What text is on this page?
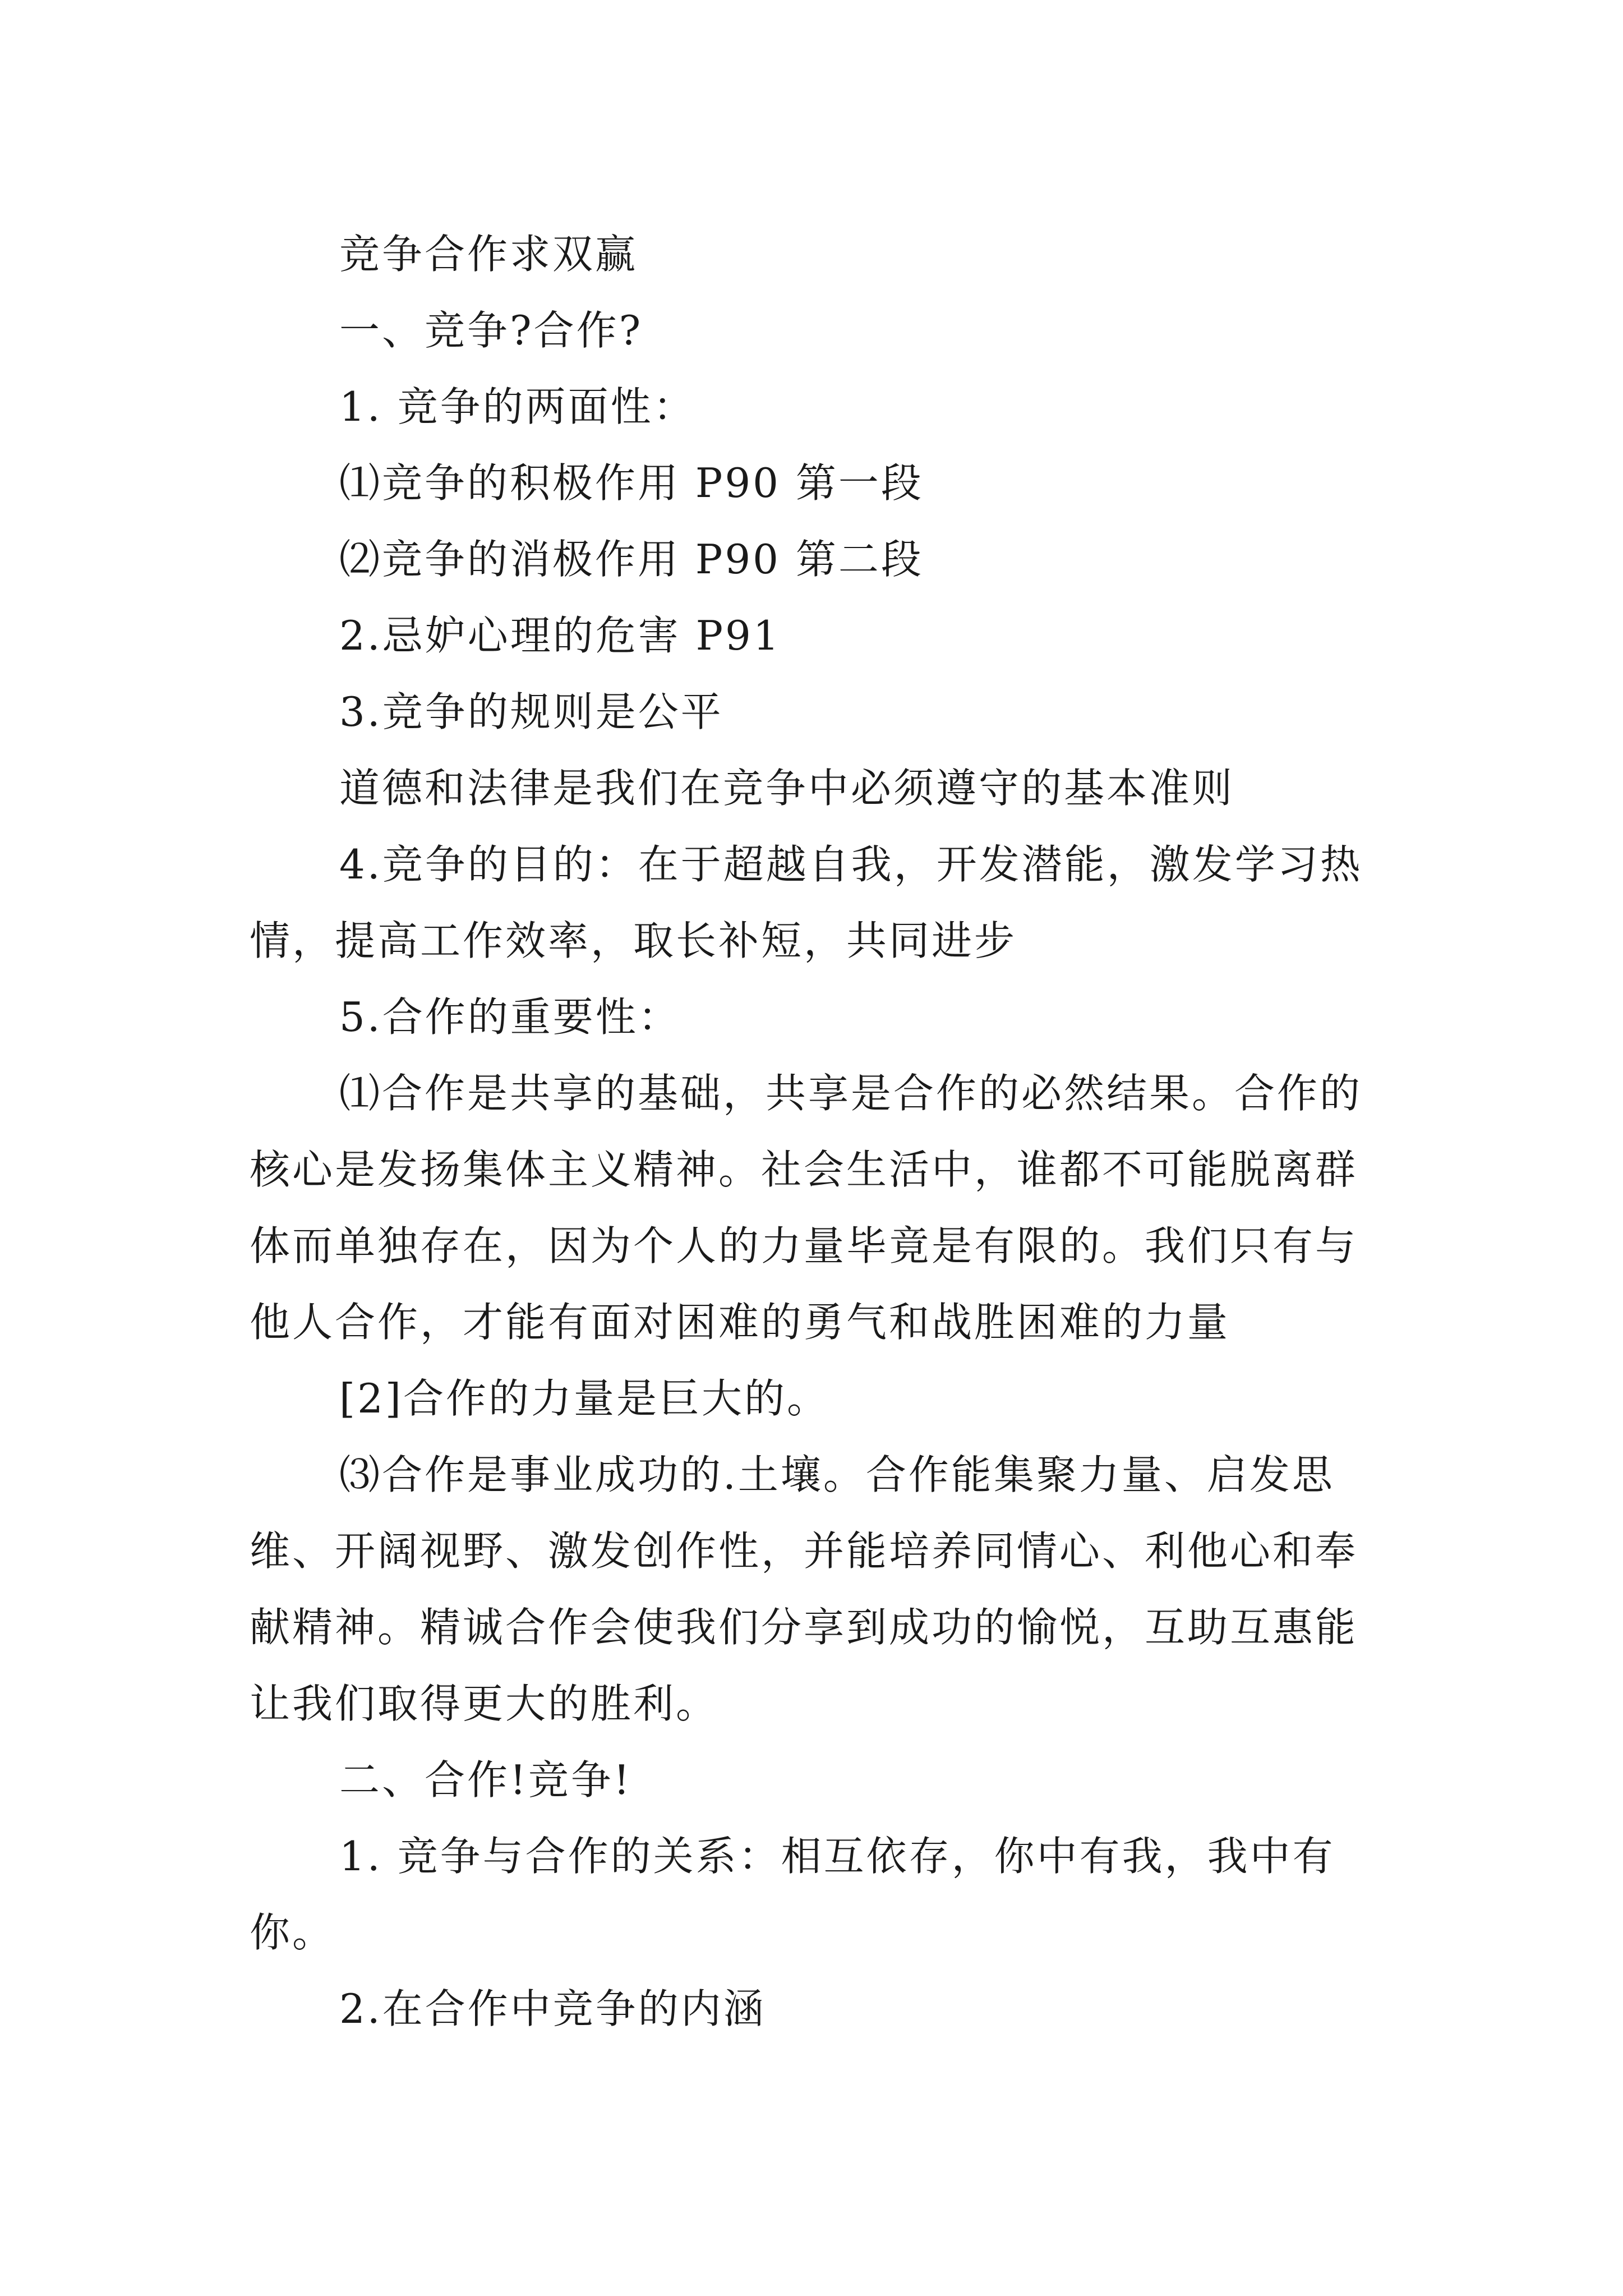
竞争合作求双赢

一、竞争?合作?

1. 竞争的两面性：

⑴竞争的积极作用 P90 第一段

⑵竞争的消极作用 P90 第二段

2.忌妒心理的危害 P91

3.竞争的规则是公平

道德和法律是我们在竞争中必须遵守的基本准则

4.竞争的目的：在于超越自我，开发潜能，激发学习热情，提高工作效率，取长补短，共同进步

5.合作的重要性：

⑴合作是共享的基础，共享是合作的必然结果。合作的核心是发扬集体主义精神。社会生活中，谁都不可能脱离群体而单独存在，因为个人的力量毕竟是有限的。我们只有与他人合作，才能有面对困难的勇气和战胜困难的力量

[2]合作的力量是巨大的。

⑶合作是事业成功的.土壤。合作能集聚力量、启发思维、开阔视野、激发创作性，并能培养同情心、利他心和奉献精神。精诚合作会使我们分享到成功的愉悦，互助互惠能让我们取得更大的胜利。

二、合作!竞争!

1. 竞争与合作的关系：相互依存，你中有我，我中有你。

2.在合作中竞争的内涵
